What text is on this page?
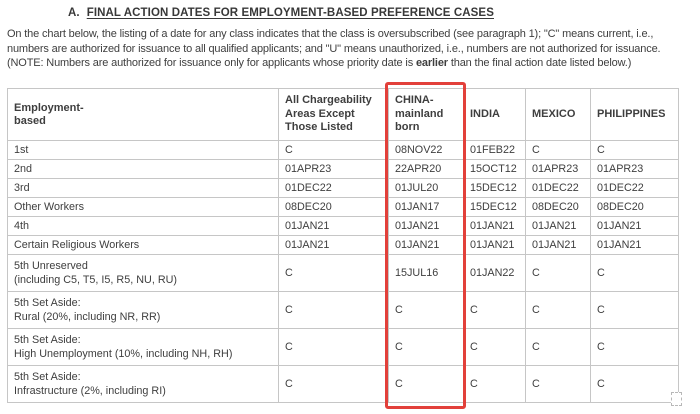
A. FINAL ACTION DATES FOR EMPLOYMENT-BASED PREFERENCE CASES

On the chart below, the listing of a date for any class indicates that the class is oversubscribed (see paragraph 1); "C" means current, i.e., numbers are authorized for issuance to all qualified applicants; and "U" means unauthorized, i.e., numbers are not authorized for issuance. (NOTE: Numbers are authorized for issuance only for applicants whose priority date is earlier than the final action date listed below.)

Employment-based	All Chargeability Areas Except Those Listed	CHINA-mainland born	INDIA	MEXICO	PHILIPPINES

1st	C	08NOV22	01FEB22	C	C
2nd	01APR23	22APR20	15OCT12	01APR23	01APR23
3rd	01DEC22	01JUL20	15DEC12	01DEC22	01DEC22
Other Workers	08DEC20	01JAN17	15DEC12	08DEC20	08DEC20
4th	01JAN21	01JAN21	01JAN21	01JAN21	01JAN21
Certain Religious Workers	01JAN21	01JAN21	01JAN21	01JAN21	01JAN21

5th Unreserved
(including C5, T5, I5, R5, NU, RU)	C	15JUL16	01JAN22	C	C

5th Set Aside:
Rural (20%, including NR, RR)	C	C	C	C	C

5th Set Aside:
High Unemployment (10%, including NH, RH)	C	C	C	C	C

5th Set Aside:
Infrastructure (2%, including RI)	C	C	C	C	C
